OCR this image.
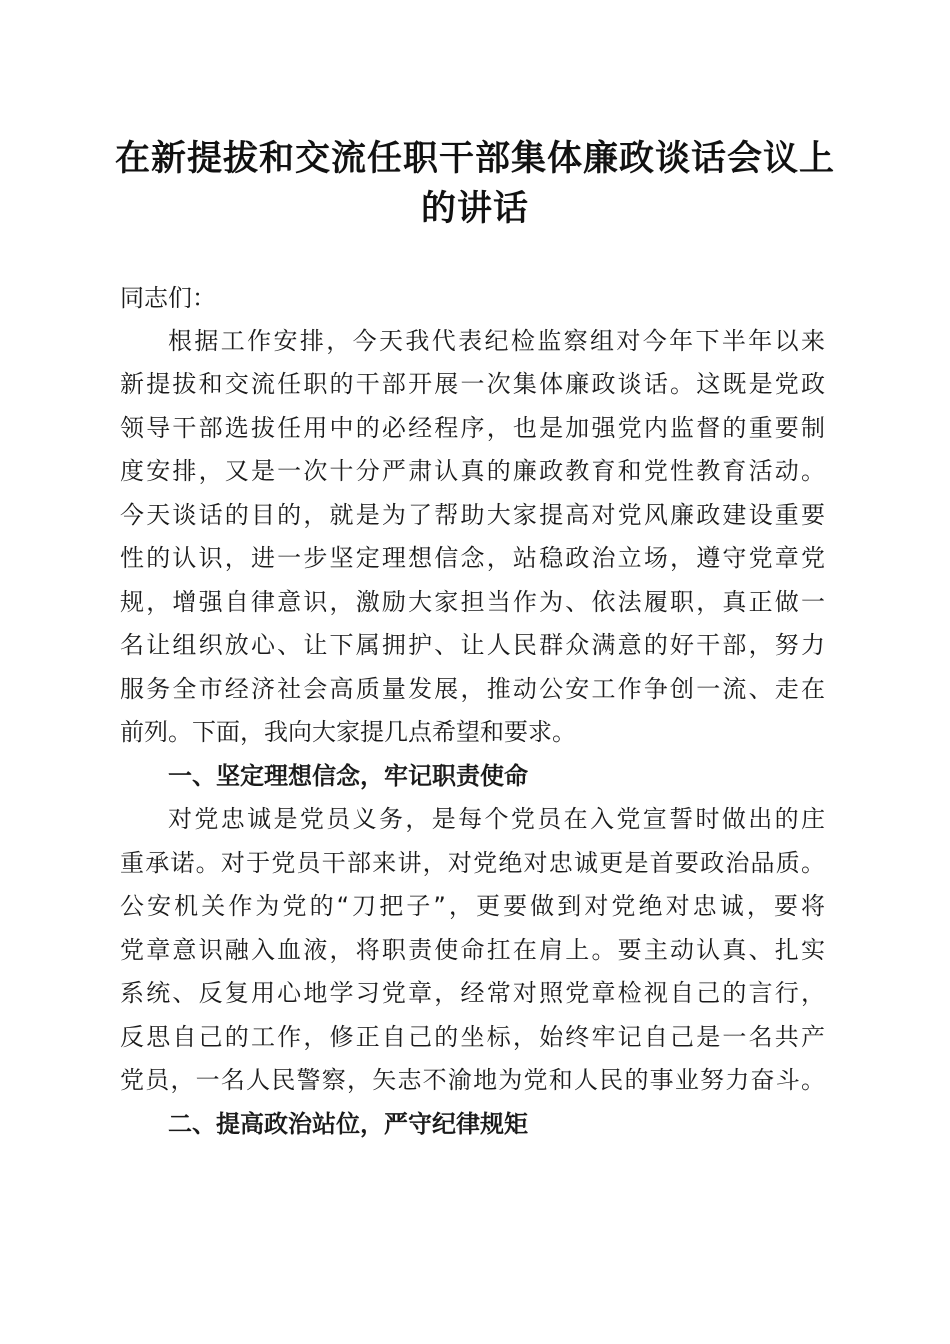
在新提拔和交流任职干部集体廉政谈话会议上的讲话
同志们：
根据工作安排，今天我代表纪检监察组对今年下半年以来
新提拔和交流任职的干部开展一次集体廉政谈话。这既是党政
领导干部选拔任用中的必经程序，也是加强党内监督的重要制
度安排，又是一次十分严肃认真的廉政教育和党性教育活动。
今天谈话的目的，就是为了帮助大家提高对党风廉政建设重要
性的认识，进一步坚定理想信念，站稳政治立场，遵守党章党
规，增强自律意识，激励大家担当作为、依法履职，真正做一
名让组织放心、让下属拥护、让人民群众满意的好干部，努力
服务全市经济社会高质量发展，推动公安工作争创一流、走在
前列。下面，我向大家提几点希望和要求。
一、坚定理想信念，牢记职责使命
对党忠诚是党员义务，是每个党员在入党宣誓时做出的庄
重承诺。对于党员干部来讲，对党绝对忠诚更是首要政治品质。
公安机关作为党的“刀把子”，更要做到对党绝对忠诚，要将
党章意识融入血液，将职责使命扛在肩上。要主动认真、扎实
系统、反复用心地学习党章，经常对照党章检视自己的言行，
反思自己的工作，修正自己的坐标，始终牢记自己是一名共产
党员，一名人民警察，矢志不渝地为党和人民的事业努力奋斗。
二、提高政治站位，严守纪律规矩
